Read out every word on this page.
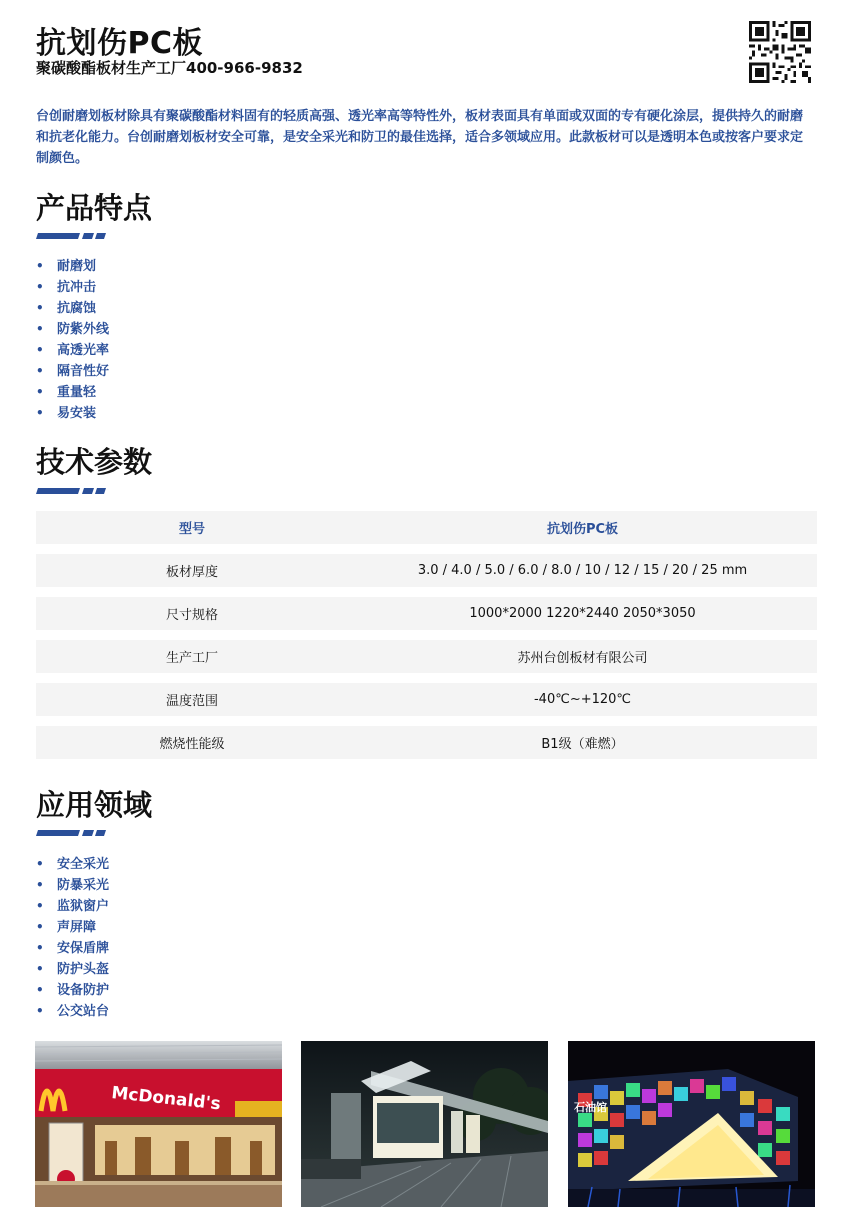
抗划伤PC板

聚碳酸酯板材生产工厂400-966-9832

台创耐磨划板材除具有聚碳酸酯材料固有的轻质高强、透光率高等特性外，板材表面具有单面或双面的专有硬化涂层，提供持久的耐磨和抗老化能力。台创耐磨划板材安全可靠，是安全采光和防卫的最佳选择，适合多领域应用。此款板材可以是透明本色或按客户要求定制颜色。

产品特点
• 耐磨划
• 抗冲击
• 抗腐蚀
• 防紫外线
• 高透光率
• 隔音性好
• 重量轻
• 易安装
技术参数
型号	抗划伤PC板
板材厚度	3.0 / 4.0 / 5.0 / 6.0 / 8.0 / 10 / 12 / 15 / 20 / 25 mm
尺寸规格	1000*2000 1220*2440 2050*3050
生产工厂	苏州台创板材有限公司
温度范围	-40℃~+120℃
燃烧性能级	B1级（难燃）
应用领域
• 安全采光
• 防暴采光
• 监狱窗户
• 声屏障
• 安保盾牌
• 防护头盔
• 设备防护
• 公交站台
McDonald's	石油馆
